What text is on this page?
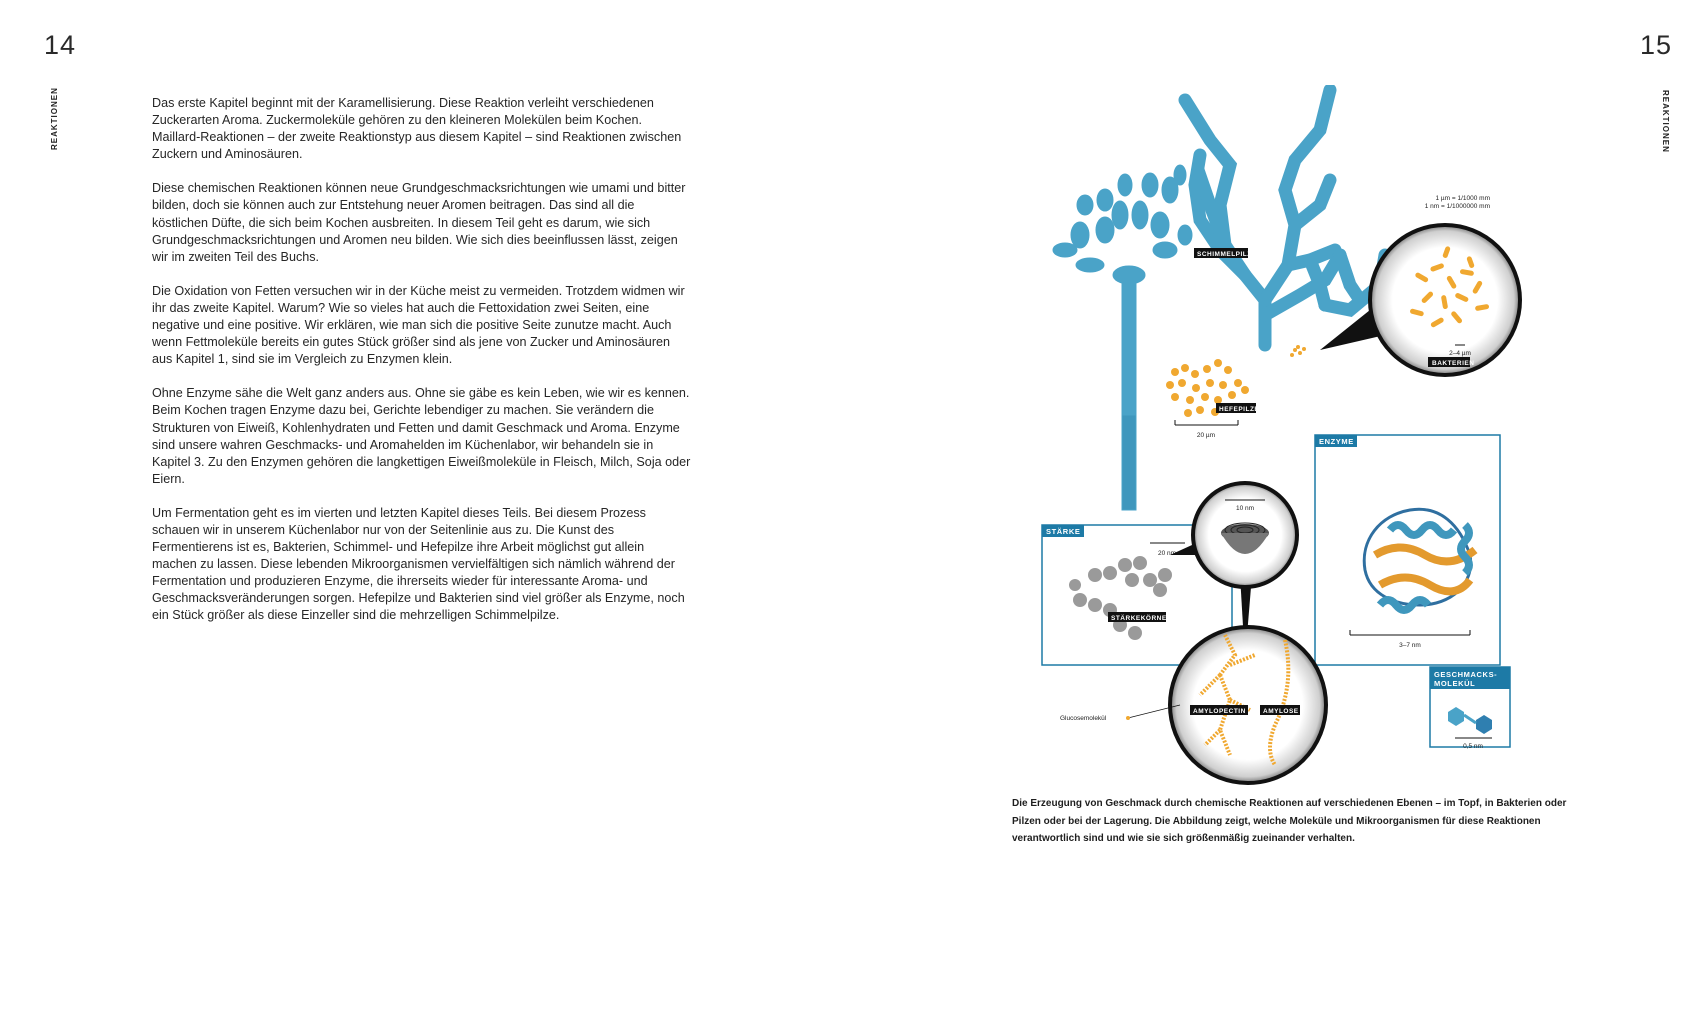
14	15
REAKTIONEN	REAKTIONEN

Das erste Kapitel beginnt mit der Karamellisierung. Diese Reaktion verleiht verschiedenen Zuckerarten Aroma. Zuckermoleküle gehören zu den kleineren Molekülen beim Kochen. Maillard-Reaktionen – der zweite Reaktionstyp aus diesem Kapitel – sind Reaktionen zwischen Zuckern und Aminosäuren.

Diese chemischen Reaktionen können neue Grundgeschmacksrichtungen wie umami und bitter bilden, doch sie können auch zur Entstehung neuer Aromen beitragen. Das sind all die köstlichen Düfte, die sich beim Kochen ausbreiten. In diesem Teil geht es darum, wie sich Grundgeschmacksrichtungen und Aromen neu bilden. Wie sich dies beeinflussen lässt, zeigen wir im zweiten Teil des Buchs.

Die Oxidation von Fetten versuchen wir in der Küche meist zu vermeiden. Trotzdem widmen wir ihr das zweite Kapitel. Warum? Wie so vieles hat auch die Fettoxidation zwei Seiten, eine negative und eine positive. Wir erklären, wie man sich die positive Seite zunutze macht. Auch wenn Fettmoleküle bereits ein gutes Stück größer sind als jene von Zucker und Aminosäuren aus Kapitel 1, sind sie im Vergleich zu Enzymen klein.

Ohne Enzyme sähe die Welt ganz anders aus. Ohne sie gäbe es kein Leben, wie wir es kennen. Beim Kochen tragen Enzyme dazu bei, Gerichte lebendiger zu machen. Sie verändern die Strukturen von Eiweiß, Kohlenhydraten und Fetten und damit Geschmack und Aroma. Enzyme sind unsere wahren Geschmacks- und Aromahelden im Küchenlabor, wir behandeln sie in Kapitel 3. Zu den Enzymen gehören die langkettigen Eiweißmoleküle in Fleisch, Milch, Soja oder Eiern.

Um Fermentation geht es im vierten und letzten Kapitel dieses Teils. Bei diesem Prozess schauen wir in unserem Küchenlabor nur von der Seitenlinie aus zu. Die Kunst des Fermentierens ist es, Bakterien, Schimmel- und Hefepilze ihre Arbeit möglichst gut allein machen zu lassen. Diese lebenden Mikroorganismen vervielfältigen sich nämlich während der Fermentation und produzieren Enzyme, die ihrerseits wieder für interessante Aroma- und Geschmacksveränderungen sorgen. Hefepilze und Bakterien sind viel größer als Enzyme, noch ein Stück größer als diese Einzeller sind die mehrzelligen Schimmelpilze.

SCHIMMELPILZE
1 µm = 1/1000 mm
1 nm = 1/1000000 mm
2–4 µm
BAKTERIEN
HEFEPILZE
20 µm
ENZYME
3–7 nm
GESCHMACKS-
MOLEKÜL
0,5 nm
STÄRKE
20 nm
STÄRKEKÖRNER
10 nm
AMYLOPECTIN	AMYLOSE
Glucosemolekül
Die Erzeugung von Geschmack durch chemische Reaktionen auf verschiedenen Ebenen – im Topf, in Bakterien oder Pilzen oder bei der Lagerung. Die Abbildung zeigt, welche Moleküle und Mikroorganismen für diese Reaktionen verantwortlich sind und wie sie sich größenmäßig zueinander verhalten.
